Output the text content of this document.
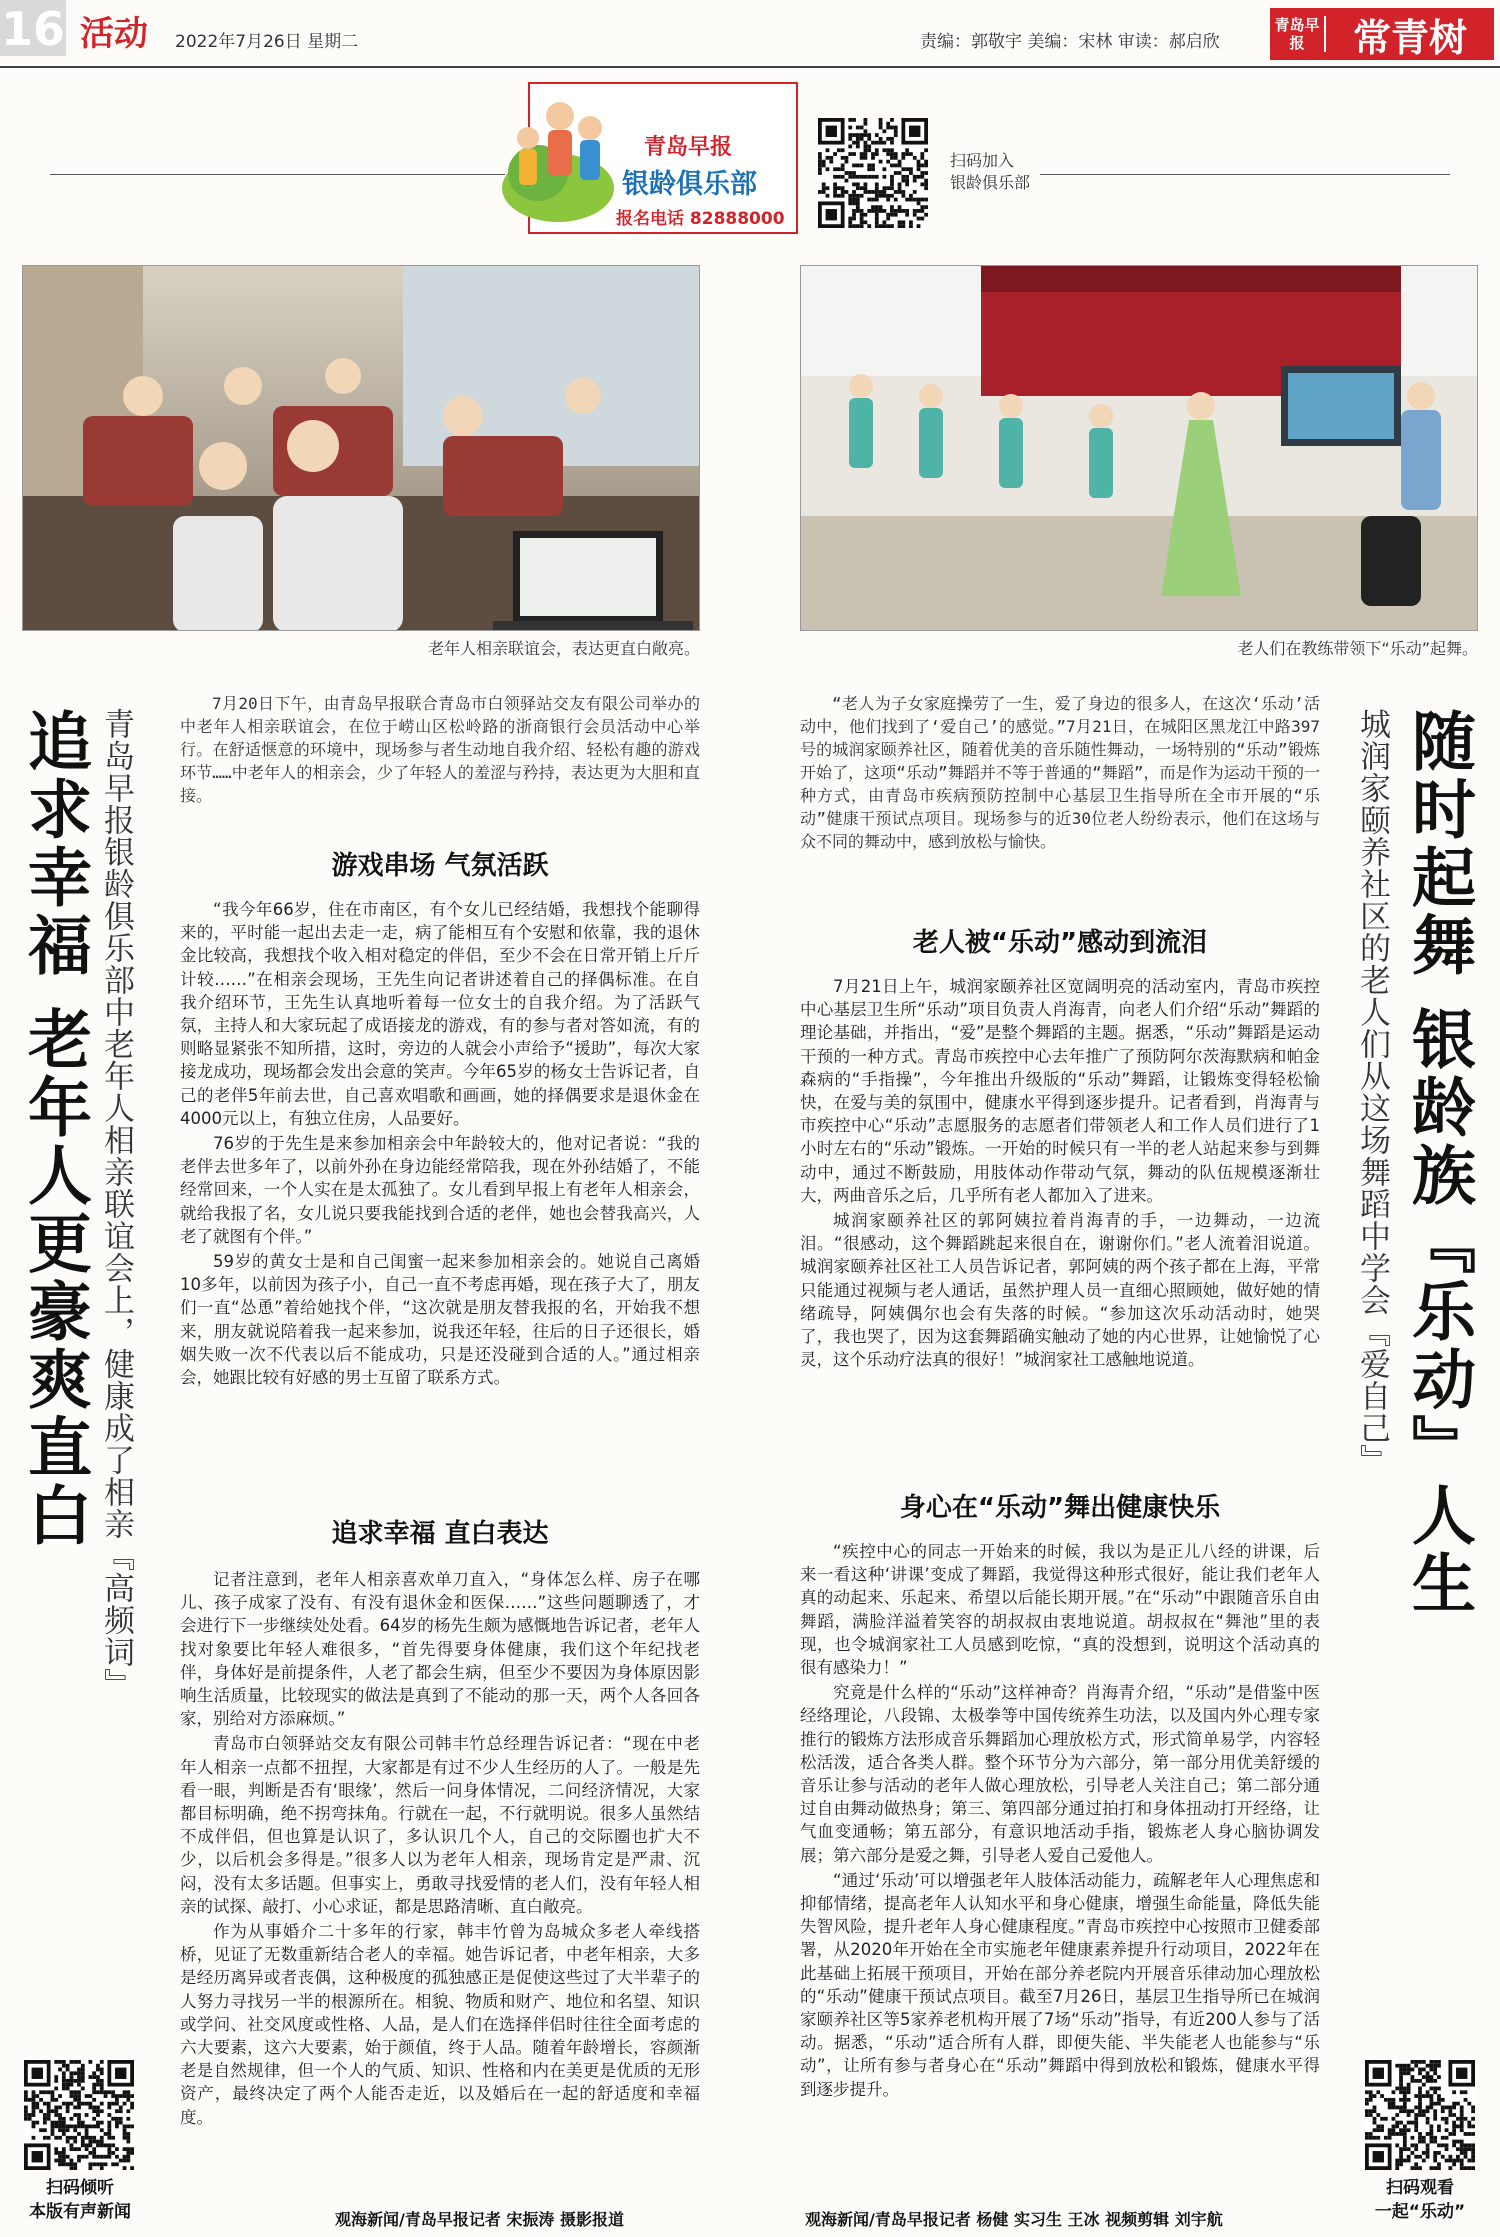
16 活动 2022年7月26日 星期二	责编：郭敬宇 美编：宋林 审读：郝启欣
青岛早报	常青树
青岛早报
银龄俱乐部
报名电话 82888000
扫码加入
银龄俱乐部
老年人相亲联谊会，表达更直白敞亮。	老人们在教练带领下“乐动”起舞。
追求幸福 老年人更豪爽直白 青岛早报银龄俱乐部中老年人相亲联谊会上，健康成了相亲『高频词』
7月20日下午，由青岛早报联合青岛市白领驿站交友有限公司举办的中老年人相亲联谊会，在位于崂山区松岭路的浙商银行会员活动中心举行。在舒适惬意的环境中，现场参与者生动地自我介绍、轻松有趣的游戏环节……中老年人的相亲会，少了年轻人的羞涩与矜持，表达更为大胆和直接。
游戏串场 气氛活跃

“我今年66岁，住在市南区，有个女儿已经结婚，我想找个能聊得来的，平时能一起出去走一走，病了能相互有个安慰和依靠，我的退休金比较高，我想找个收入相对稳定的伴侣，至少不会在日常开销上斤斤计较……”在相亲会现场，王先生向记者讲述着自己的择偶标准。在自我介绍环节，王先生认真地听着每一位女士的自我介绍。为了活跃气氛，主持人和大家玩起了成语接龙的游戏，有的参与者对答如流，有的则略显紧张不知所措，这时，旁边的人就会小声给予“援助”，每次大家接龙成功，现场都会发出会意的笑声。今年65岁的杨女士告诉记者，自己的老伴5年前去世，自己喜欢唱歌和画画，她的择偶要求是退休金在4000元以上，有独立住房，人品要好。

76岁的于先生是来参加相亲会中年龄较大的，他对记者说：“我的老伴去世多年了，以前外孙在身边能经常陪我，现在外孙结婚了，不能经常回来，一个人实在是太孤独了。女儿看到早报上有老年人相亲会，就给我报了名，女儿说只要我能找到合适的老伴，她也会替我高兴，人老了就图有个伴。”

59岁的黄女士是和自己闺蜜一起来参加相亲会的。她说自己离婚10多年，以前因为孩子小，自己一直不考虑再婚，现在孩子大了，朋友们一直“怂恿”着给她找个伴，“这次就是朋友替我报的名，开始我不想来，朋友就说陪着我一起来参加，说我还年轻，往后的日子还很长，婚姻失败一次不代表以后不能成功，只是还没碰到合适的人。”通过相亲会，她跟比较有好感的男士互留了联系方式。

追求幸福 直白表达

记者注意到，老年人相亲喜欢单刀直入，“身体怎么样、房子在哪儿、孩子成家了没有、有没有退休金和医保……”这些问题聊透了，才会进行下一步继续处处看。64岁的杨先生颇为感慨地告诉记者，老年人找对象要比年轻人难很多，“首先得要身体健康，我们这个年纪找老伴，身体好是前提条件，人老了都会生病，但至少不要因为身体原因影响生活质量，比较现实的做法是真到了不能动的那一天，两个人各回各家，别给对方添麻烦。”

青岛市白领驿站交友有限公司韩丰竹总经理告诉记者：“现在中老年人相亲一点都不扭捏，大家都是有过不少人生经历的人了。一般是先看一眼，判断是否有‘眼缘’，然后一问身体情况，二问经济情况，大家都目标明确，绝不拐弯抹角。行就在一起，不行就明说。很多人虽然结不成伴侣，但也算是认识了，多认识几个人，自己的交际圈也扩大不少，以后机会多得是。”很多人以为老年人相亲，现场肯定是严肃、沉闷，没有太多话题。但事实上，勇敢寻找爱情的老人们，没有年轻人相亲的试探、敲打、小心求证，都是思路清晰、直白敞亮。

作为从事婚介二十多年的行家，韩丰竹曾为岛城众多老人牵线搭桥，见证了无数重新结合老人的幸福。她告诉记者，中老年相亲，大多是经历离异或者丧偶，这种极度的孤独感正是促使这些过了大半辈子的人努力寻找另一半的根源所在。相貌、物质和财产、地位和名望、知识或学问、社交风度或性格、人品，是人们在选择伴侣时往往全面考虑的六大要素，这六大要素，始于颜值，终于人品。随着年龄增长，容颜渐老是自然规律，但一个人的气质、知识、性格和内在美更是优质的无形资产，最终决定了两个人能否走近，以及婚后在一起的舒适度和幸福度。

观海新闻/青岛早报记者 宋振涛 摄影报道
扫码倾听
本版有声新闻
“老人为子女家庭操劳了一生，爱了身边的很多人，在这次‘乐动’活动中，他们找到了‘爱自己’的感觉。”7月21日，在城阳区黑龙江中路397号的城润家颐养社区，随着优美的音乐随性舞动，一场特别的“乐动”锻炼开始了，这项“乐动”舞蹈并不等于普通的“舞蹈”，而是作为运动干预的一种方式，由青岛市疾病预防控制中心基层卫生指导所在全市开展的“乐动”健康干预试点项目。现场参与的近30位老人纷纷表示，他们在这场与众不同的舞动中，感到放松与愉快。
老人被“乐动”感动到流泪

7月21日上午，城润家颐养社区宽阔明亮的活动室内，青岛市疾控中心基层卫生所“乐动”项目负责人肖海青，向老人们介绍“乐动”舞蹈的理论基础，并指出，“爱”是整个舞蹈的主题。据悉，“乐动”舞蹈是运动干预的一种方式。青岛市疾控中心去年推广了预防阿尔茨海默病和帕金森病的“手指操”，今年推出升级版的“乐动”舞蹈，让锻炼变得轻松愉快，在爱与美的氛围中，健康水平得到逐步提升。记者看到，肖海青与市疾控中心“乐动”志愿服务的志愿者们带领老人和工作人员们进行了1小时左右的“乐动”锻炼。一开始的时候只有一半的老人站起来参与到舞动中，通过不断鼓励，用肢体动作带动气氛，舞动的队伍规模逐渐壮大，两曲音乐之后，几乎所有老人都加入了进来。

城润家颐养社区的郭阿姨拉着肖海青的手，一边舞动，一边流泪。“很感动，这个舞蹈跳起来很自在，谢谢你们。”老人流着泪说道。城润家颐养社区社工人员告诉记者，郭阿姨的两个孩子都在上海，平常只能通过视频与老人通话，虽然护理人员一直细心照顾她，做好她的情绪疏导，阿姨偶尔也会有失落的时候。“参加这次乐动活动时，她哭了，我也哭了，因为这套舞蹈确实触动了她的内心世界，让她愉悦了心灵，这个乐动疗法真的很好！”城润家社工感触地说道。

身心在“乐动”舞出健康快乐

“疾控中心的同志一开始来的时候，我以为是正儿八经的讲课，后来一看这种‘讲课’变成了舞蹈，我觉得这种形式很好，能让我们老年人真的动起来、乐起来、希望以后能长期开展。”在“乐动”中跟随音乐自由舞蹈，满脸洋溢着笑容的胡叔叔由衷地说道。胡叔叔在“舞池”里的表现，也令城润家社工人员感到吃惊，“真的没想到，说明这个活动真的很有感染力！”

究竟是什么样的“乐动”这样神奇？肖海青介绍，“乐动”是借鉴中医经络理论，八段锦、太极拳等中国传统养生功法，以及国内外心理专家推行的锻炼方法形成音乐舞蹈加心理放松方式，形式简单易学，内容轻松活泼，适合各类人群。整个环节分为六部分，第一部分用优美舒缓的音乐让参与活动的老年人做心理放松，引导老人关注自己；第二部分通过自由舞动做热身；第三、第四部分通过拍打和身体扭动打开经络，让气血变通畅；第五部分，有意识地活动手指，锻炼老人身心脑协调发展；第六部分是爱之舞，引导老人爱自己爱他人。

“通过‘乐动’可以增强老年人肢体活动能力，疏解老年人心理焦虑和抑郁情绪，提高老年人认知水平和身心健康，增强生命能量，降低失能失智风险，提升老年人身心健康程度。”青岛市疾控中心按照市卫健委部署，从2020年开始在全市实施老年健康素养提升行动项目，2022年在此基础上拓展干预项目，开始在部分养老院内开展音乐律动加心理放松的“乐动”健康干预试点项目。截至7月26日，基层卫生指导所已在城润家颐养社区等5家养老机构开展了7场“乐动”指导，有近200人参与了活动。据悉，“乐动”适合所有人群，即便失能、半失能老人也能参与“乐动”，让所有参与者身心在“乐动”舞蹈中得到放松和锻炼，健康水平得到逐步提升。

观海新闻/青岛早报记者 杨健 实习生 王冰 视频剪辑 刘宇航
城润家颐养社区的老人们从这场舞蹈中学会『爱自己』 随时起舞 银龄族『乐动』人生
扫码观看
一起“乐动”
